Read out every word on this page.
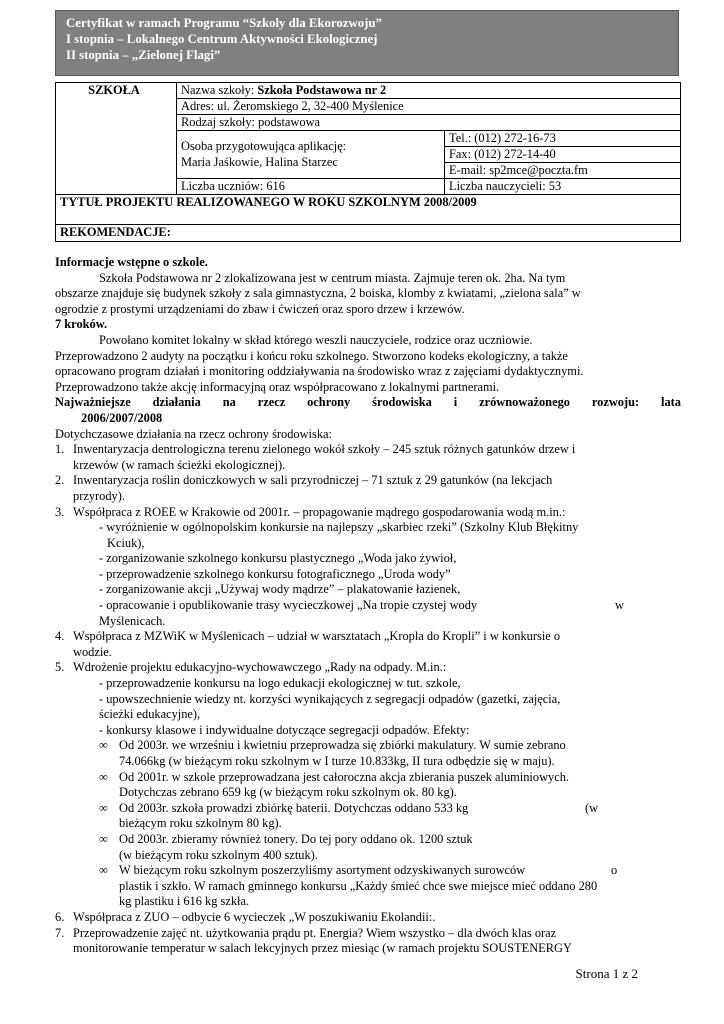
Certyfikat w ramach Programu “Szkoły dla Ekorozwoju”
I stopnia – Lokalnego Centrum Aktywności Ekologicznej
II stopnia – „Zielonej Flagi”
SZKOŁA	Nazwa szkoły: Szkoła Podstawowa nr 2
Adres: ul. Żeromskiego 2, 32-400 Myślenice
Rodzaj szkoły: podstawowa
Osoba przygotowująca aplikację:
Maria Jaśkowie, Halina Starzec
Tel.: (012) 272-16-73
Fax: (012) 272-14-40
E-mail: sp2mce@poczta.fm
Liczba uczniów: 616	Liczba nauczycieli: 53
TYTUŁ PROJEKTU REALIZOWANEGO W ROKU SZKOLNYM 2008/2009
REKOMENDACJE:

Informacje wstępne o szkole.

Szkoła Podstawowa nr 2 zlokalizowana jest w centrum miasta. Zajmuje teren ok. 2ha. Na tym

obszarze znajduje się budynek szkoły z sala gimnastyczna, 2 boiska, klomby z kwiatami, „zielona sala” w

ogrodzie z prostymi urządzeniami do zbaw i ćwiczeń oraz sporo drzew i krzewów.

7 kroków.

Powołano komitet lokalny w skład którego weszli nauczyciele, rodzice oraz uczniowie.

Przeprowadzono 2 audyty na początku i końcu roku szkolnego. Stworzono kodeks ekologiczny, a także

opracowano program działań i monitoring oddziaływania na środowisko wraz z zajęciami dydaktycznymi.

Przeprowadzono także akcję informacyjną oraz współpracowano z lokalnymi partnerami.

Najważniejsze działania na rzecz ochrony środowiska i zrównoważonego rozwoju: lata

2006/2007/2008

Dotychczasowe działania na rzecz ochrony środowiska:

1. Inwentaryzacja dentrologiczna terenu zielonego wokół szkoły – 245 sztuk różnych gatunków drzew i

krzewów (w ramach ścieżki ekologicznej).

2. Inwentaryzacja roślin doniczkowych w sali przyrodniczej – 71 sztuk z 29 gatunków (na lekcjach

przyrody).

3. Współpraca z ROEE w Krakowie od 2001r. – propagowanie mądrego gospodarowania wodą m.in.:

- wyróżnienie w ogólnopolskim konkursie na najlepszy „skarbiec rzeki” (Szkolny Klub Błękitny

Kciuk),

- zorganizowanie szkolnego konkursu plastycznego „Woda jako żywioł,

- przeprowadzenie szkolnego konkursu fotograficznego „Uroda wody”

- zorganizowanie akcji „Używaj wody mądrze” – plakatowanie łazienek,

- opracowanie i opublikowanie trasy wycieczkowej „Na tropie czystej wody	w

Myślenicach.

4. Współpraca z MZWiK w Myślenicach – udział w warsztatach „Kropla do Kropli” i w konkursie o

wodzie.

5. Wdrożenie projektu edukacyjno-wychowawczego „Rady na odpady. M.in.:

- przeprowadzenie konkursu na logo edukacji ekologicznej w tut. szkole,

- upowszechnienie wiedzy nt. korzyści wynikających z segregacji odpadów (gazetki, zajęcia,

ścieżki edukacyjne),

- konkursy klasowe i indywidualne dotyczące segregacji odpadów. Efekty:

∞ Od 2003r. we wrześniu i kwietniu przeprowadza się zbiórki makulatury. W sumie zebrano

74.066kg (w bieżącym roku szkolnym w I turze 10.833kg, II tura odbędzie się w maju).

∞ Od 2001r. w szkole przeprowadzana jest całoroczna akcja zbierania puszek aluminiowych.

Dotychczas zebrano 659 kg (w bieżącym roku szkolnym ok. 80 kg).

∞ Od 2003r. szkoła prowadzi zbiórkę baterii. Dotychczas oddano 533 kg	(w

bieżącym roku szkolnym 80 kg).

∞ Od 2003r. zbieramy również tonery. Do tej pory oddano ok. 1200 sztuk

(w bieżącym roku szkolnym 400 sztuk).

∞ W bieżącym roku szkolnym poszerzyliśmy asortyment odzyskiwanych surowców	o

plastik i szkło. W ramach gminnego konkursu „Każdy śmieć chce swe miejsce mieć oddano 280

kg plastiku i 616 kg szkła.

6. Współpraca z ZUO – odbycie 6 wycieczek „W poszukiwaniu Ekolandii:.

7. Przeprowadzenie zajęć nt. użytkowania prądu pt. Energia? Wiem wszystko – dla dwóch klas oraz

monitorowanie temperatur w salach lekcyjnych przez miesiąc (w ramach projektu SOUSTENERGY

Strona 1 z 2
